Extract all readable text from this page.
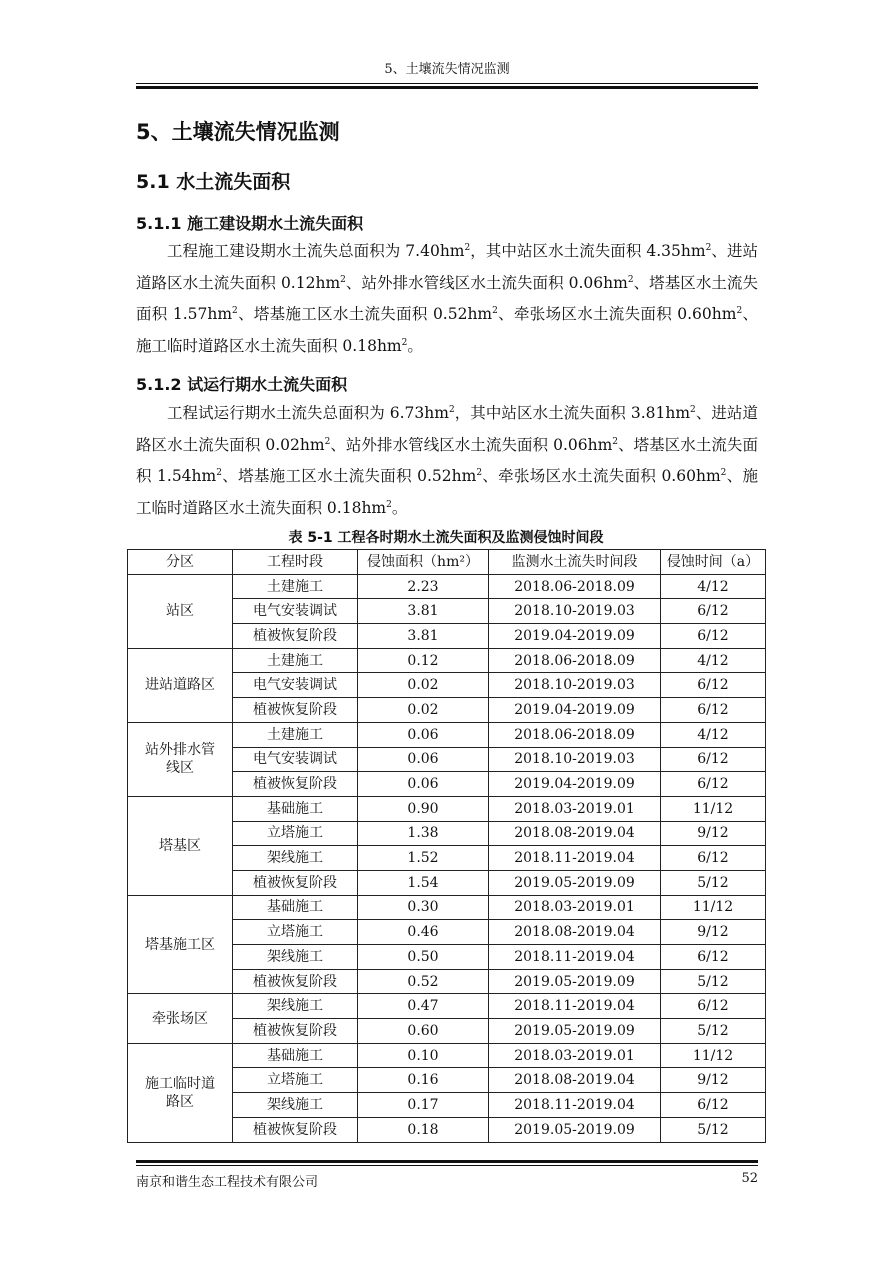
5、土壤流失情况监测
5、土壤流失情况监测
5.1 水土流失面积
5.1.1 施工建设期水土流失面积

工程施工建设期水土流失总面积为 $7.40hm^2$，其中站区水土流失面积 $4.35hm^2$、进站道路区水土流失面积 $0.12hm^2$、站外排水管线区水土流失面积 $0.06hm^2$、塔基区水土流失面积 $1.57hm^2$、塔基施工区水土流失面积 $0.52hm^2$、牵张场区水土流失面积 $0.60hm^2$、施工临时道路区水土流失面积 $0.18hm^2$。

5.1.2 试运行期水土流失面积

工程试运行期水土流失总面积为 $6.73hm^2$，其中站区水土流失面积 $3.81hm^2$、进站道路区水土流失面积 $0.02hm^2$、站外排水管线区水土流失面积 $0.06hm^2$、塔基区水土流失面积 $1.54hm^2$、塔基施工区水土流失面积 $0.52hm^2$、牵张场区水土流失面积 $0.60hm^2$、施工临时道路区水土流失面积 $0.18hm^2$。

表 5-1 工程各时期水土流失面积及监测侵蚀时间段
分区	工程时段	侵蚀面积（hm²）	监测水土流失时间段	侵蚀时间（a）
站区	土建施工	2.23	2018.06-2018.09	4/12
	电气安装调试	3.81	2018.10-2019.03	6/12
	植被恢复阶段	3.81	2019.04-2019.09	6/12
进站道路区	土建施工	0.12	2018.06-2018.09	4/12
	电气安装调试	0.02	2018.10-2019.03	6/12
	植被恢复阶段	0.02	2019.04-2019.09	6/12
站外排水管
线区	土建施工	0.06	2018.06-2018.09	4/12
	电气安装调试	0.06	2018.10-2019.03	6/12
	植被恢复阶段	0.06	2019.04-2019.09	6/12
塔基区	基础施工	0.90	2018.03-2019.01	11/12
	立塔施工	1.38	2018.08-2019.04	9/12
	架线施工	1.52	2018.11-2019.04	6/12
	植被恢复阶段	1.54	2019.05-2019.09	5/12
塔基施工区	基础施工	0.30	2018.03-2019.01	11/12
	立塔施工	0.46	2018.08-2019.04	9/12
	架线施工	0.50	2018.11-2019.04	6/12
	植被恢复阶段	0.52	2019.05-2019.09	5/12
牵张场区	架线施工	0.47	2018.11-2019.04	6/12
	植被恢复阶段	0.60	2019.05-2019.09	5/12
施工临时道
路区	基础施工	0.10	2018.03-2019.01	11/12
	立塔施工	0.16	2018.08-2019.04	9/12
	架线施工	0.17	2018.11-2019.04	6/12
	植被恢复阶段	0.18	2019.05-2019.09	5/12
南京和谐生态工程技术有限公司	52
